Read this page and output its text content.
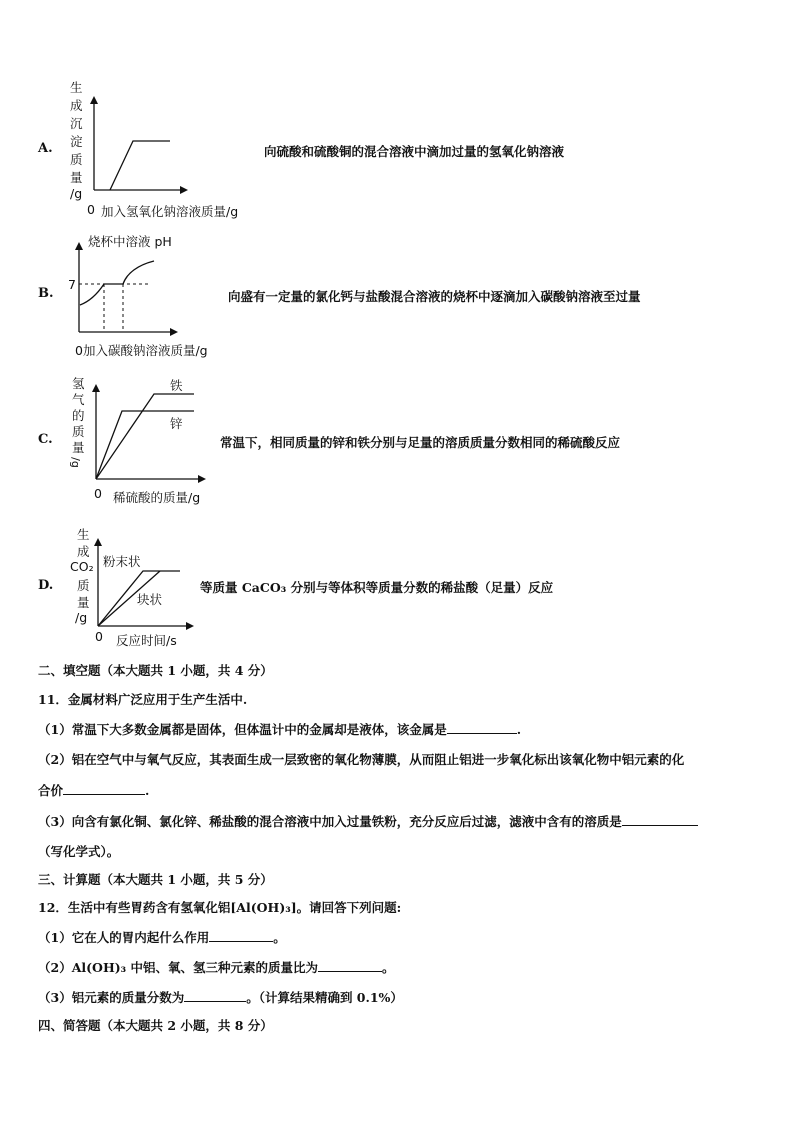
A.
生
成
沉
淀
质
量
/g
0 加入氢氧化钠溶液质量/g
向硫酸和硫酸铜的混合溶液中滴加过量的氢氧化钠溶液
B.
烧杯中溶液 pH
7
0加入碳酸钠溶液质量/g
向盛有一定量的氯化钙与盐酸混合溶液的烧杯中逐滴加入碳酸钠溶液至过量
C.
氢
气
的
质
量
/g
铁
锌
0 稀硫酸的质量/g
常温下，相同质量的锌和铁分别与足量的溶质质量分数相同的稀硫酸反应
D.
生
成
CO₂
质
量
/g
粉末状
块状
0 反应时间/s
等质量 CaCO₃ 分别与等体积等质量分数的稀盐酸（足量）反应
二、填空题（本大题共 1 小题，共 4 分）
11．金属材料广泛应用于生产生活中.
（1）常温下大多数金属都是固体，但体温计中的金属却是液体，该金属是	.
（2）铝在空气中与氧气反应，其表面生成一层致密的氧化物薄膜，从而阻止铝进一步氧化标出该氧化物中铝元素的化
合价	.
（3）向含有氯化铜、氯化锌、稀盐酸的混合溶液中加入过量铁粉，充分反应后过滤，滤液中含有的溶质是
（写化学式）。
三、计算题（本大题共 1 小题，共 5 分）
12．生活中有些胃药含有氢氧化铝[Al(OH)₃]。请回答下列问题:
（1）它在人的胃内起什么作用	。
（2）Al(OH)₃ 中铝、氧、氢三种元素的质量比为	。
（3）铝元素的质量分数为	。（计算结果精确到 0.1%）
四、简答题（本大题共 2 小题，共 8 分）
